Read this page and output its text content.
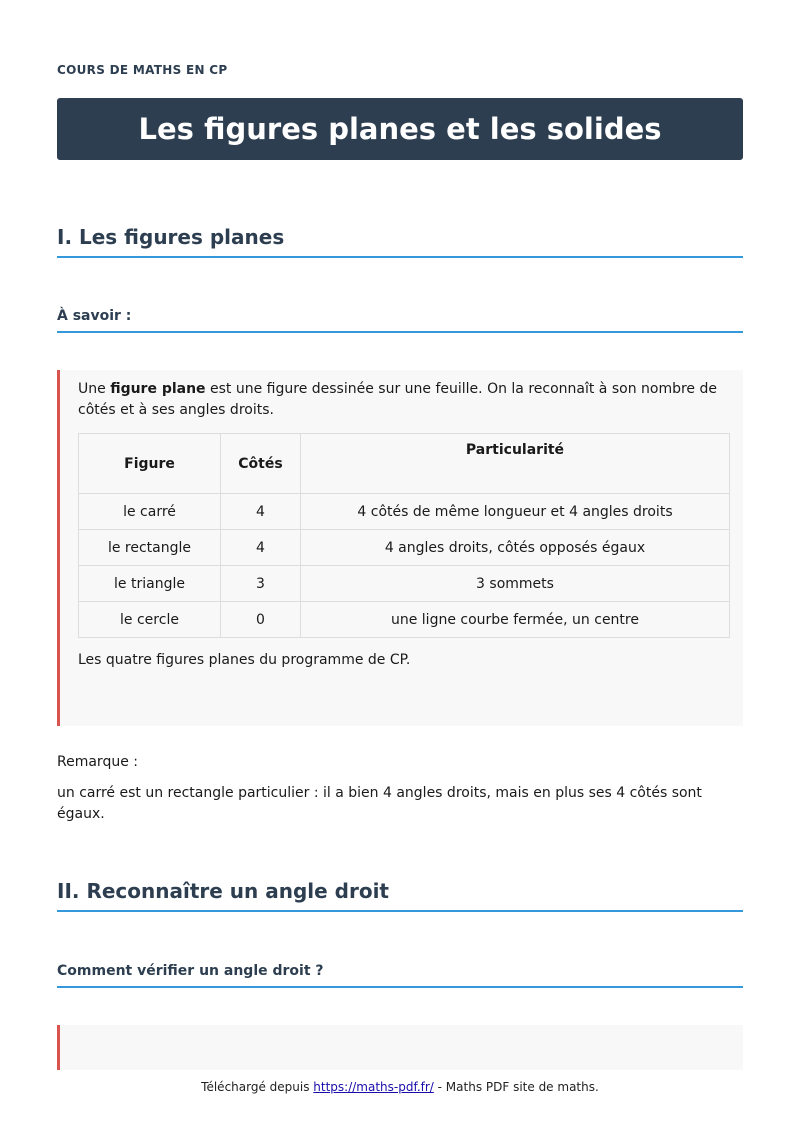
COURS DE MATHS EN CP
Les figures planes et les solides
I. Les figures planes
À savoir :
Une figure plane est une figure dessinée sur une feuille. On la reconnaît à son nombre de côtés et à ses angles droits.
Figure	Côtés	Particularité
le carré	4	4 côtés de même longueur et 4 angles droits
le rectangle	4	4 angles droits, côtés opposés égaux
le triangle	3	3 sommets
le cercle	0	une ligne courbe fermée, un centre
Les quatre figures planes du programme de CP.
Remarque :
un carré est un rectangle particulier : il a bien 4 angles droits, mais en plus ses 4 côtés sont égaux.
II. Reconnaître un angle droit
Comment vérifier un angle droit ?
Téléchargé depuis https://maths-pdf.fr/ - Maths PDF site de maths.
